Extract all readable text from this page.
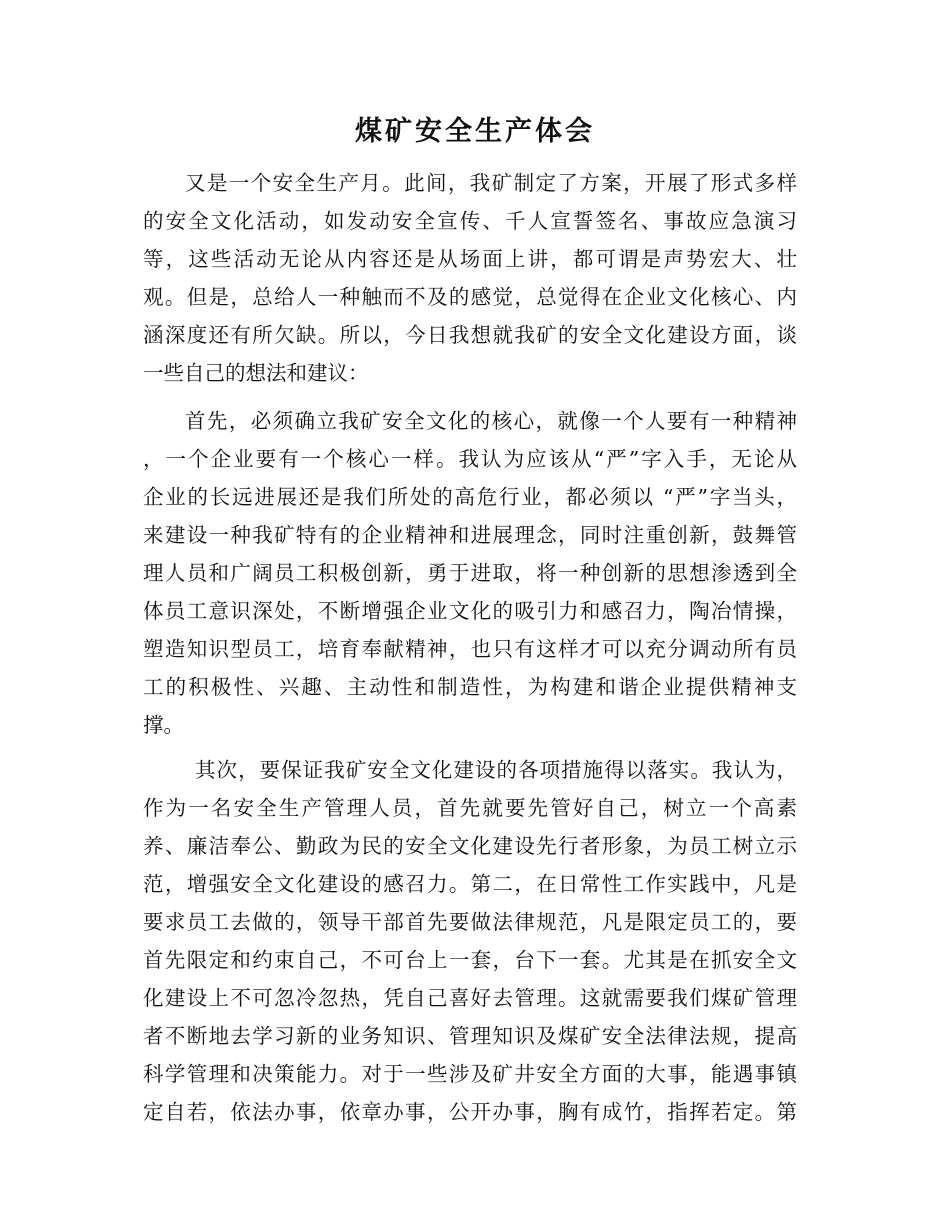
煤矿安全生产体会
又是一个安全生产月。此间，我矿制定了方案，开展了形式多样
的安全文化活动，如发动安全宣传、千人宣誓签名、事故应急演习
等，这些活动无论从内容还是从场面上讲，都可谓是声势宏大、壮
观。但是，总给人一种触而不及的感觉，总觉得在企业文化核心、内
涵深度还有所欠缺。所以，今日我想就我矿的安全文化建设方面，谈
一些自己的想法和建议：
首先，必须确立我矿安全文化的核心，就像一个人要有一种精神
，一个企业要有一个核心一样。我认为应该从“严”字入手，无论从
企业的长远进展还是我们所处的高危行业，都必须以 “严”字当头，
来建设一种我矿特有的企业精神和进展理念，同时注重创新，鼓舞管
理人员和广阔员工积极创新，勇于进取，将一种创新的思想渗透到全
体员工意识深处，不断增强企业文化的吸引力和感召力，陶冶情操，
塑造知识型员工，培育奉献精神，也只有这样才可以充分调动所有员
工的积极性、兴趣、主动性和制造性，为构建和谐企业提供精神支
撑。
其次，要保证我矿安全文化建设的各项措施得以落实。我认为，
作为一名安全生产管理人员，首先就要先管好自己，树立一个高素
养、廉洁奉公、勤政为民的安全文化建设先行者形象，为员工树立示
范，增强安全文化建设的感召力。第二，在日常性工作实践中，凡是
要求员工去做的，领导干部首先要做法律规范，凡是限定员工的，要
首先限定和约束自己，不可台上一套，台下一套。尤其是在抓安全文
化建设上不可忽冷忽热，凭自己喜好去管理。这就需要我们煤矿管理
者不断地去学习新的业务知识、管理知识及煤矿安全法律法规，提高
科学管理和决策能力。对于一些涉及矿井安全方面的大事，能遇事镇
定自若，依法办事，依章办事，公开办事，胸有成竹，指挥若定。第
